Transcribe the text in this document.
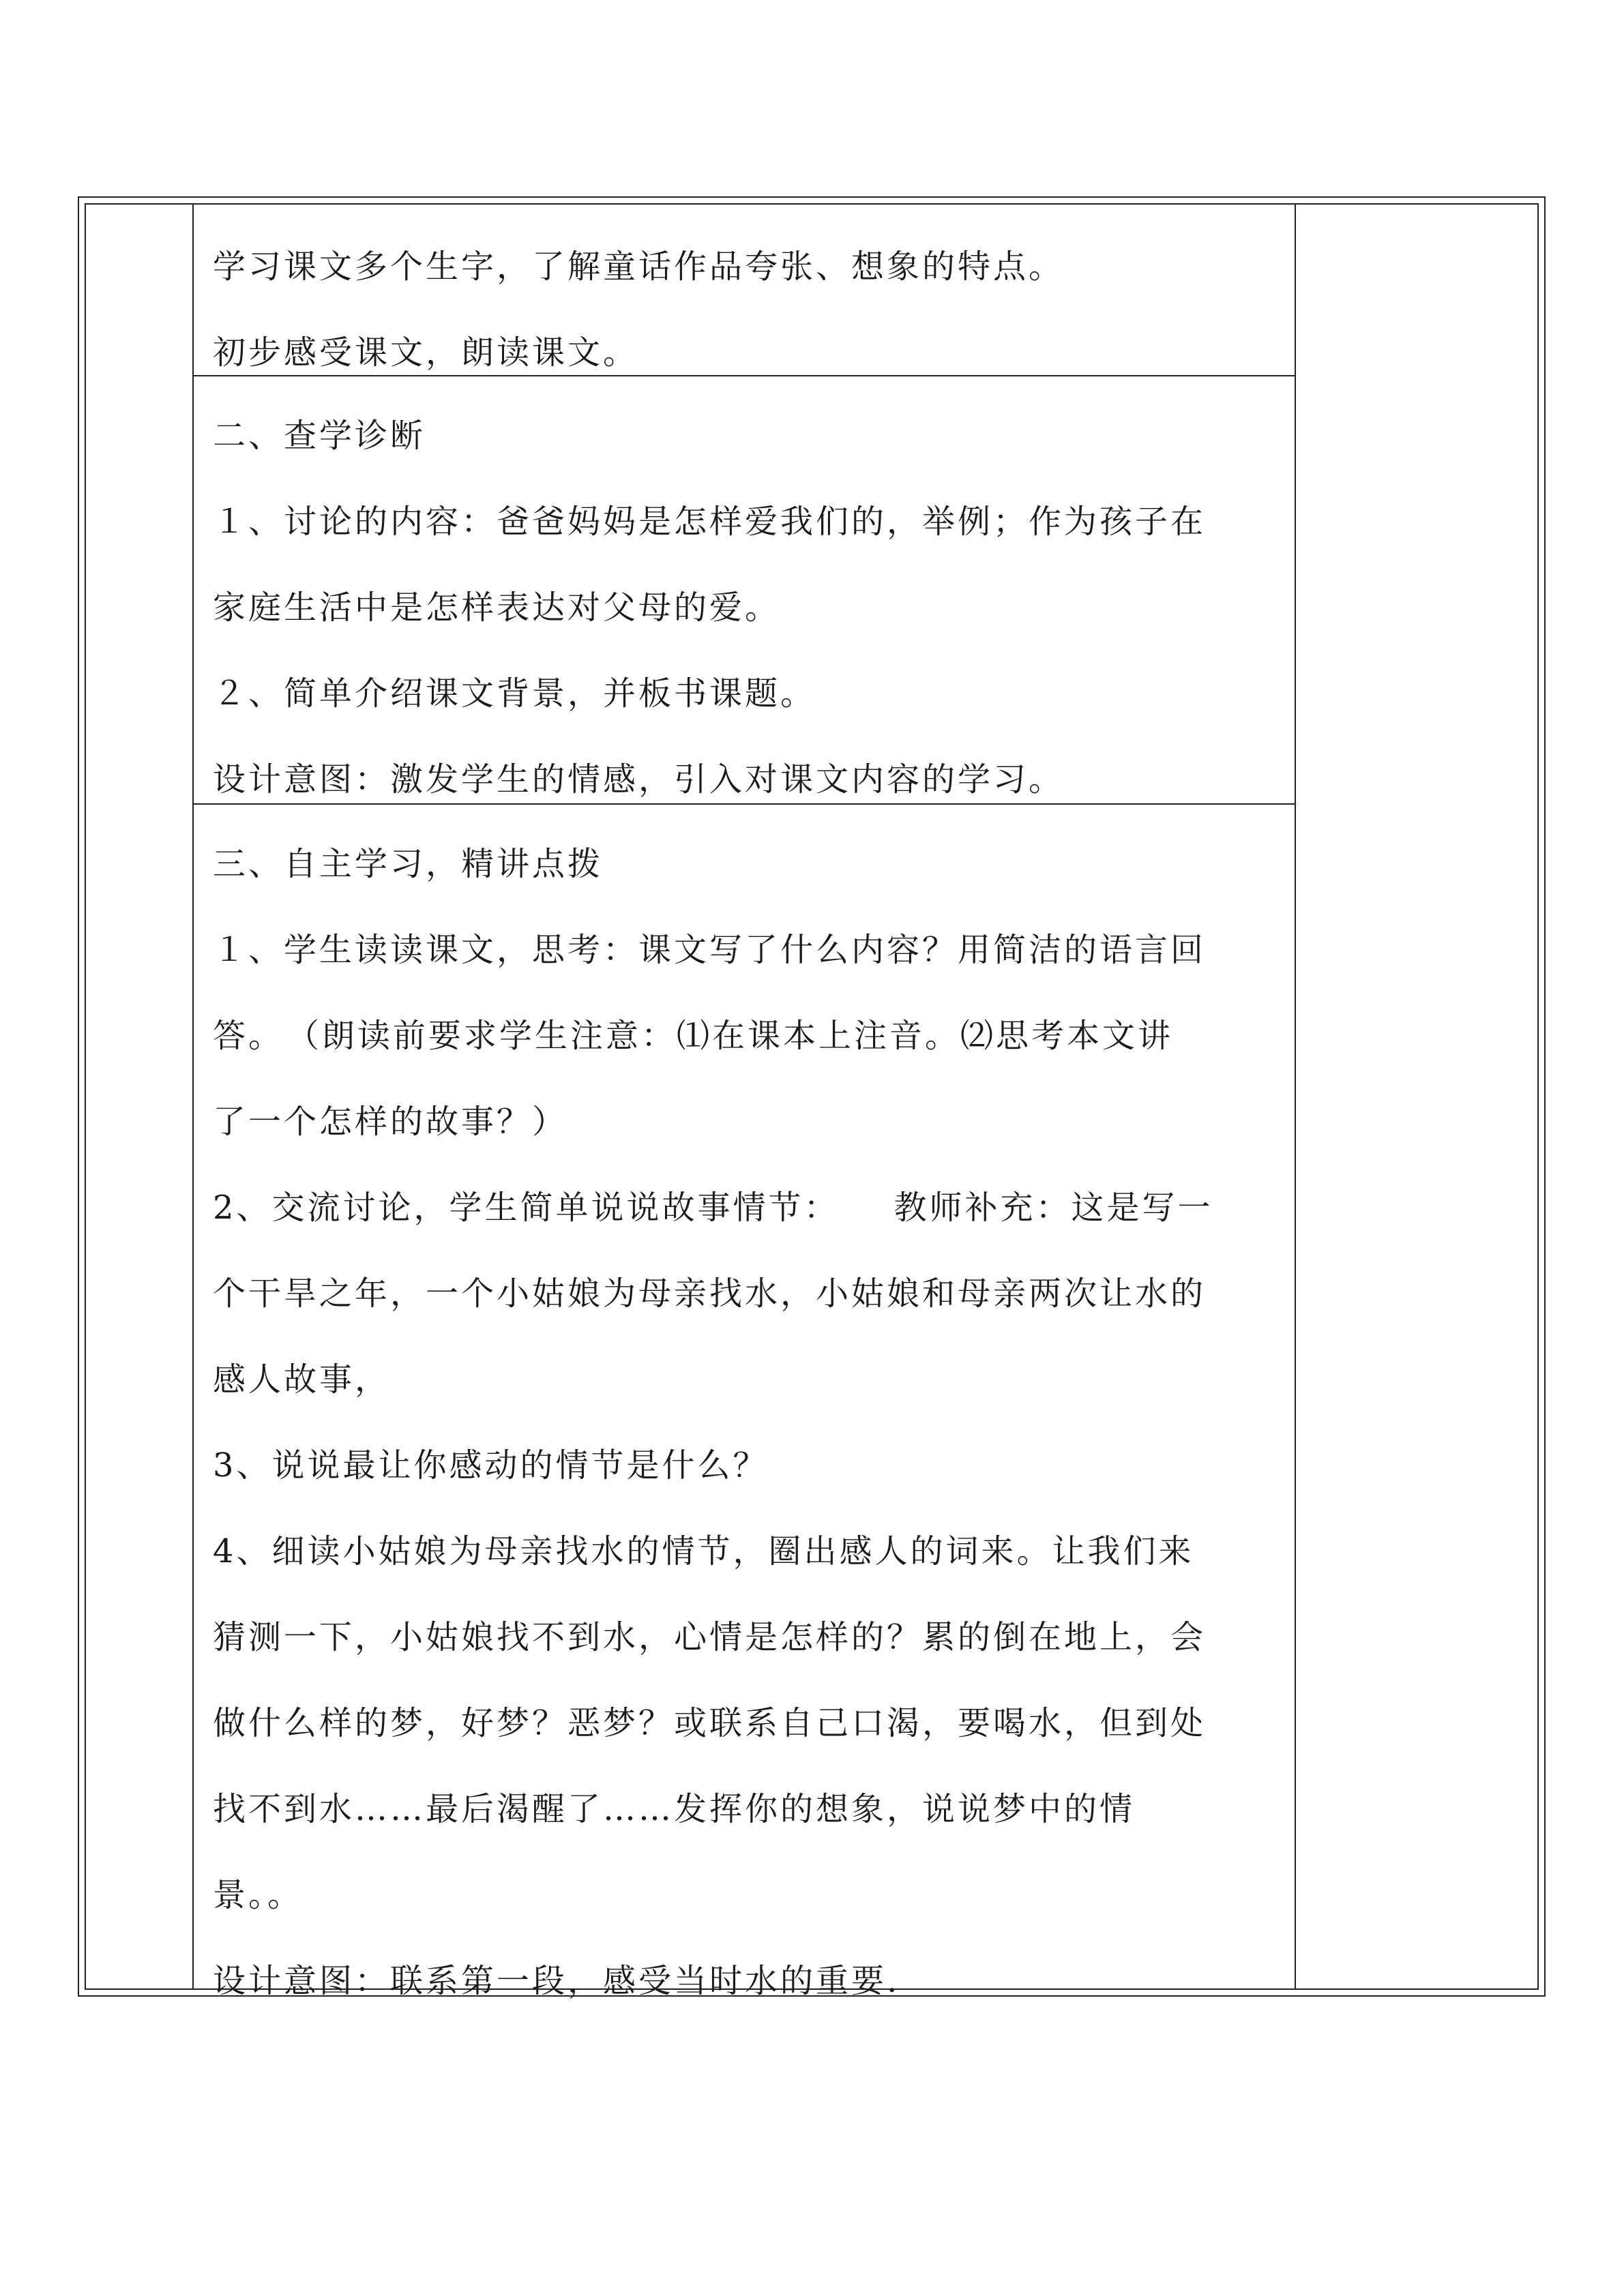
学习课文多个生字，了解童话作品夸张、想象的特点。
初步感受课文，朗读课文。
二、查学诊断
１、讨论的内容：爸爸妈妈是怎样爱我们的，举例；作为孩子在
家庭生活中是怎样表达对父母的爱。
２、简单介绍课文背景，并板书课题。
设计意图：激发学生的情感，引入对课文内容的学习。
三、自主学习，精讲点拨
１、学生读读课文，思考：课文写了什么内容？用简洁的语言回
答。　（朗读前要求学生注意：⑴在课本上注音。⑵思考本文讲
了一个怎样的故事？）
2、交流讨论，学生简单说说故事情节：　　教师补充：这是写一
个干旱之年，一个小姑娘为母亲找水，小姑娘和母亲两次让水的
感人故事，
3、说说最让你感动的情节是什么？
4、细读小姑娘为母亲找水的情节，圈出感人的词来。让我们来
猜测一下，小姑娘找不到水，心情是怎样的？累的倒在地上，会
做什么样的梦，好梦？恶梦？或联系自己口渴，要喝水，但到处
找不到水……最后渴醒了……发挥你的想象，说说梦中的情
景。。
设计意图：联系第一段，感受当时水的重要.
